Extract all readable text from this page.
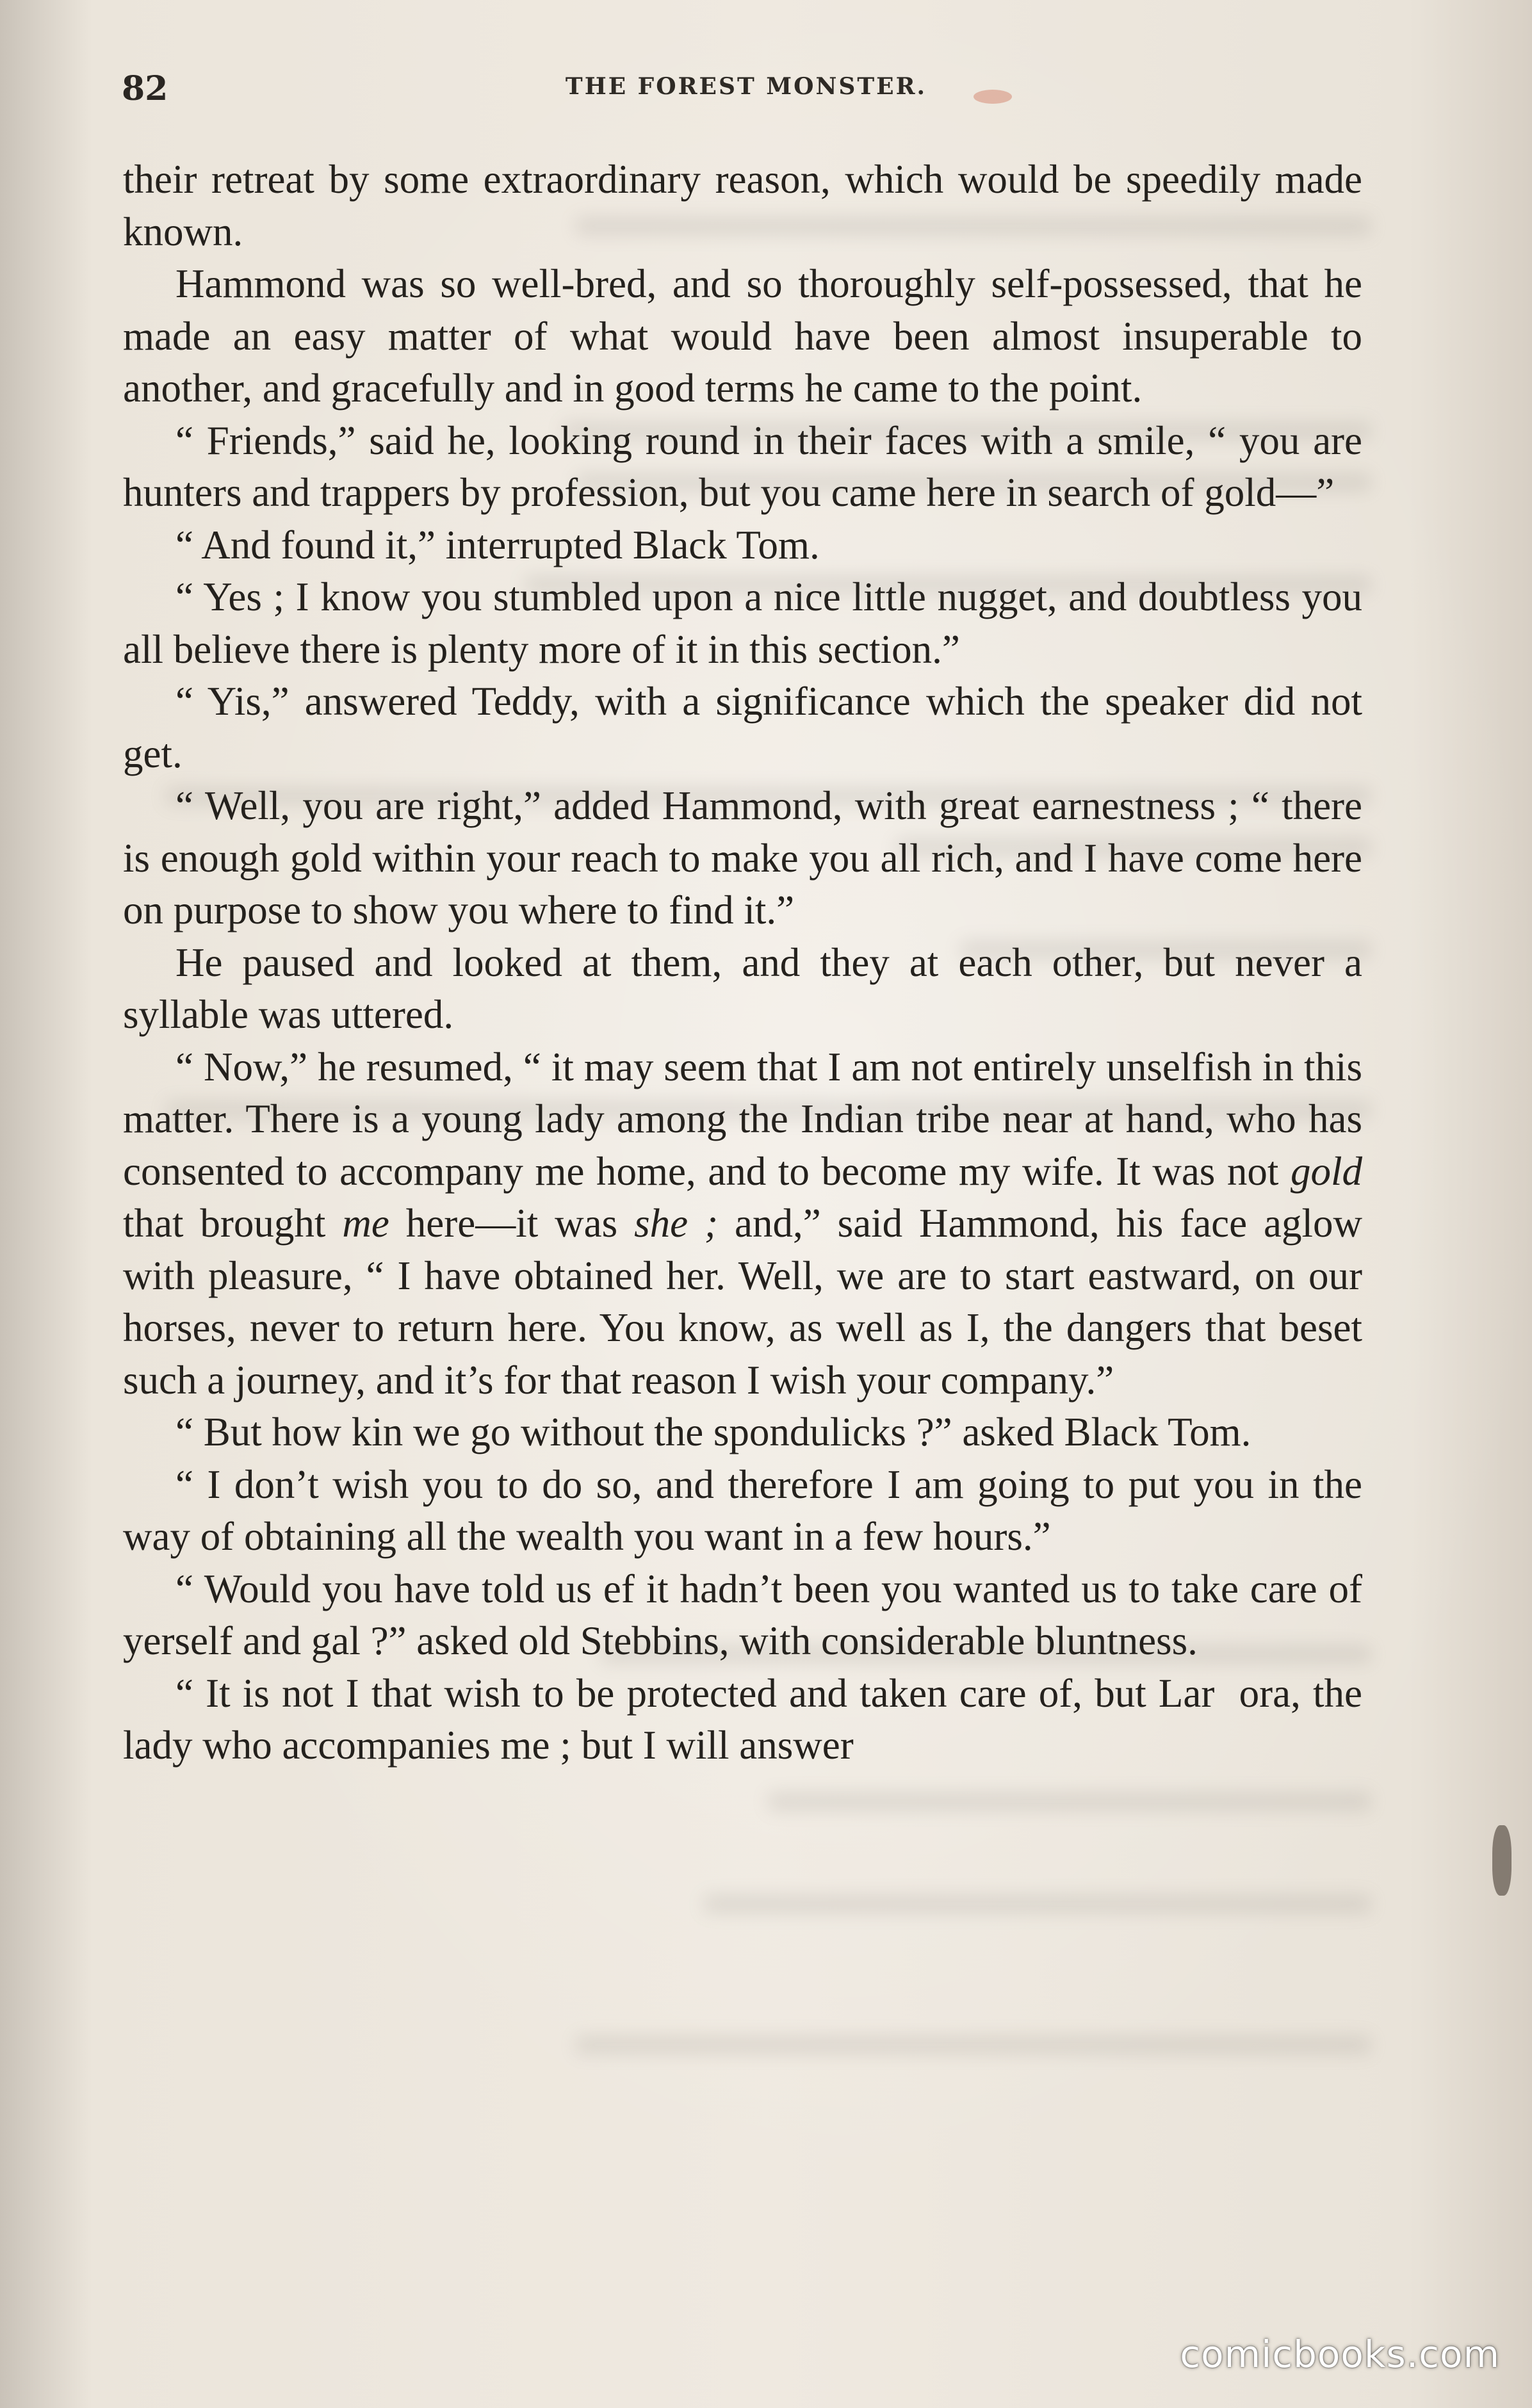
82	THE FOREST MONSTER.

their retreat by some extraordinary reason, which would be speedily made known.

Hammond was so well-bred, and so thoroughly self-possessed, that he made an easy matter of what would have been almost insuperable to another, and gracefully and in good terms he came to the point.

“ Friends,” said he, looking round in their faces with a smile, “ you are hunters and trappers by profession, but you came here in search of gold—”

“ And found it,” interrupted Black Tom.

“ Yes ; I know you stumbled upon a nice little nugget, and doubtless you all believe there is plenty more of it in this section.”

“ Yis,” answered Teddy, with a significance which the speaker did not get.

“ Well, you are right,” added Hammond, with great earnestness ; “ there is enough gold within your reach to make you all rich, and I have come here on purpose to show you where to find it.”

He paused and looked at them, and they at each other, but never a syllable was uttered.

“ Now,” he resumed, “ it may seem that I am not entirely unselfish in this matter. There is a young lady among the Indian tribe near at hand, who has consented to accompany me home, and to become my wife. It was not gold that brought me here—it was she ; and,” said Hammond, his face aglow with pleasure, “ I have obtained her. Well, we are to start eastward, on our horses, never to return here. You know, as well as I, the dangers that beset such a journey, and it’s for that reason I wish your company.”

“ But how kin we go without the spondulicks ?” asked Black Tom.

“ I don’t wish you to do so, and therefore I am going to put you in the way of obtaining all the wealth you want in a few hours.”

“ Would you have told us ef it hadn’t been you wanted us to take care of yerself and gal ?” asked old Stebbins, with considerable bluntness.

“ It is not I that wish to be protected and taken care of, but Lar  ora, the lady who accompanies me ; but I will answer

comicbooks.com
